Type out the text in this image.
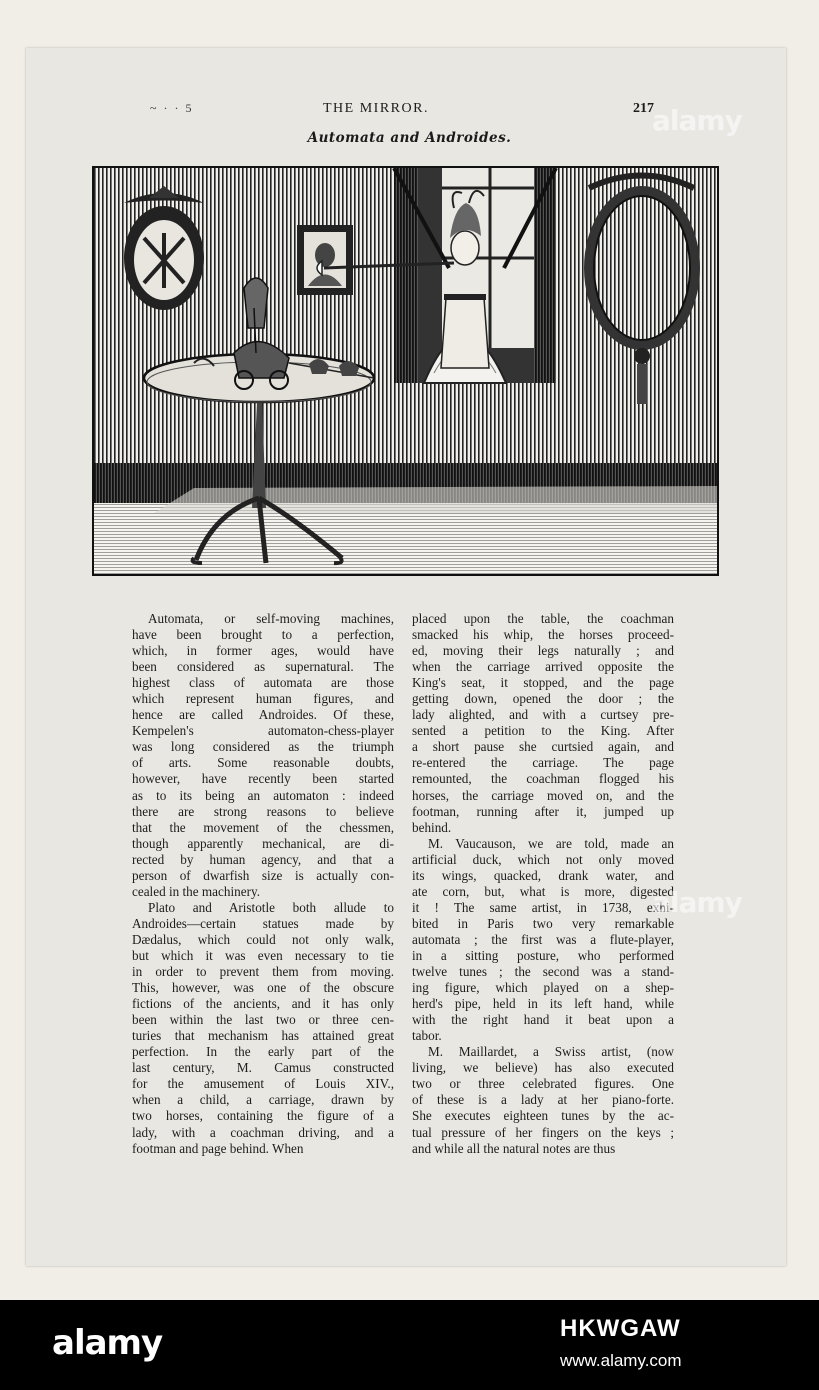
~ · · 5	THE MIRROR.	217
Automata and Androides.
Automata, or self-moving machines,
have been brought to a perfection,
which, in former ages, would have
been considered as supernatural. The
highest class of automata are those
which represent human figures, and
hence are called Androides. Of these,
Kempelen's automaton-chess-player
was long considered as the triumph
of arts. Some reasonable doubts,
however, have recently been started
as to its being an automaton : indeed
there are strong reasons to believe
that the movement of the chessmen,
though apparently mechanical, are di-
rected by human agency, and that a
person of dwarfish size is actually con-
cealed in the machinery.
Plato and Aristotle both allude to
Androides—certain statues made by
Dædalus, which could not only walk,
but which it was even necessary to tie
in order to prevent them from moving.
This, however, was one of the obscure
fictions of the ancients, and it has only
been within the last two or three cen-
turies that mechanism has attained great
perfection. In the early part of the
last century, M. Camus constructed
for the amusement of Louis XIV.,
when a child, a carriage, drawn by
two horses, containing the figure of a
lady, with a coachman driving, and a
footman and page behind. When
placed upon the table, the coachman
smacked his whip, the horses proceed-
ed, moving their legs naturally ; and
when the carriage arrived opposite the
King's seat, it stopped, and the page
getting down, opened the door ; the
lady alighted, and with a curtsey pre-
sented a petition to the King. After
a short pause she curtsied again, and
re-entered the carriage. The page
remounted, the coachman flogged his
horses, the carriage moved on, and the
footman, running after it, jumped up
behind.
M. Vaucauson, we are told, made an
artificial duck, which not only moved
its wings, quacked, drank water, and
ate corn, but, what is more, digested
it ! The same artist, in 1738, exhi-
bited in Paris two very remarkable
automata ; the first was a flute-player,
in a sitting posture, who performed
twelve tunes ; the second was a stand-
ing figure, which played on a shep-
herd's pipe, held in its left hand, while
with the right hand it beat upon a
tabor.
M. Maillardet, a Swiss artist, (now
living, we believe) has also executed
two or three celebrated figures. One
of these is a lady at her piano-forte.
She executes eighteen tunes by the ac-
tual pressure of her fingers on the keys ;
and while all the natural notes are thus
alamy
alamy
alamy	HKWGAW
www.alamy.com
